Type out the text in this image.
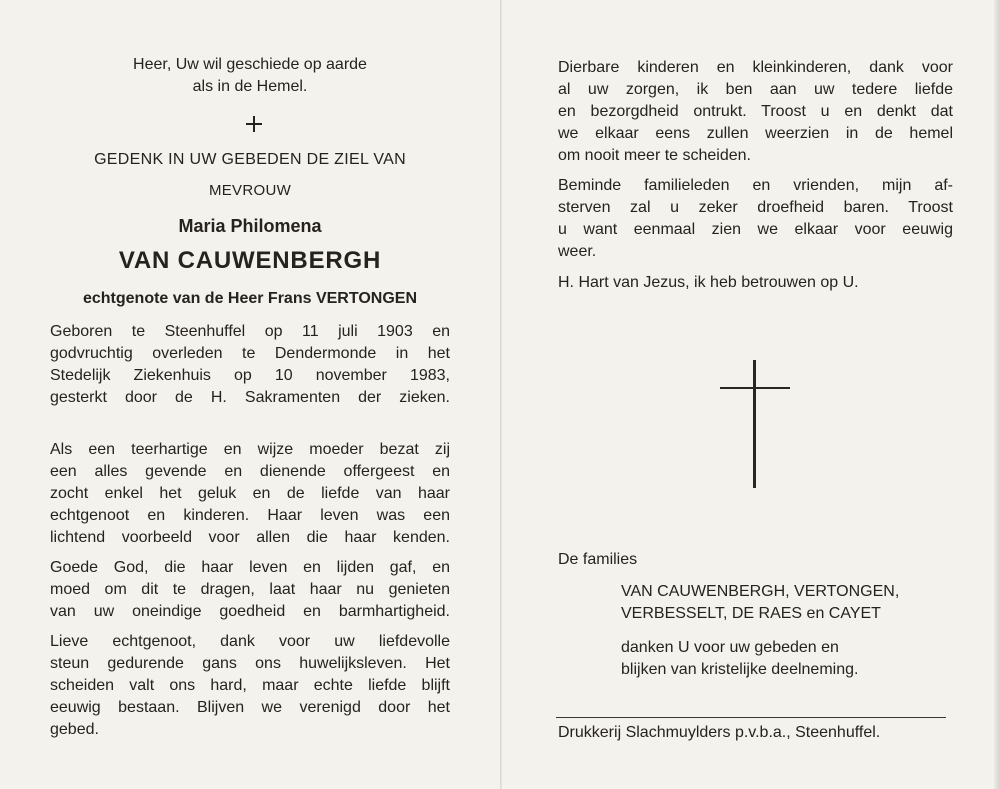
Heer, Uw wil geschiede op aarde
als in de Hemel.
GEDENK IN UW GEBEDEN DE ZIEL VAN
MEVROUW
Maria Philomena
VAN CAUWENBERGH
echtgenote van de Heer Frans VERTONGEN
Geboren te Steenhuffel op 11 juli 1903 en
godvruchtig overleden te Dendermonde in het
Stedelijk Ziekenhuis op 10 november 1983,
gesterkt door de H. Sakramenten der zieken.
Als een teerhartige en wijze moeder bezat zij
een alles gevende en dienende offergeest en
zocht enkel het geluk en de liefde van haar
echtgenoot en kinderen. Haar leven was een
lichtend voorbeeld voor allen die haar kenden.
Goede God, die haar leven en lijden gaf, en
moed om dit te dragen, laat haar nu genieten
van uw oneindige goedheid en barmhartigheid.
Lieve echtgenoot, dank voor uw liefdevolle
steun gedurende gans ons huwelijksleven. Het
scheiden valt ons hard, maar echte liefde blijft
eeuwig bestaan. Blijven we verenigd door het
gebed.
Dierbare kinderen en kleinkinderen, dank voor
al uw zorgen, ik ben aan uw tedere liefde
en bezorgdheid ontrukt. Troost u en denkt dat
we elkaar eens zullen weerzien in de hemel
om nooit meer te scheiden.
Beminde familieleden en vrienden, mijn af-
sterven zal u zeker droefheid baren. Troost
u want eenmaal zien we elkaar voor eeuwig
weer.
H. Hart van Jezus, ik heb betrouwen op U.
De families
VAN CAUWENBERGH, VERTONGEN,
VERBESSELT, DE RAES en CAYET
danken U voor uw gebeden en
blijken van kristelijke deelneming.
Drukkerij Slachmuylders p.v.b.a., Steenhuffel.
